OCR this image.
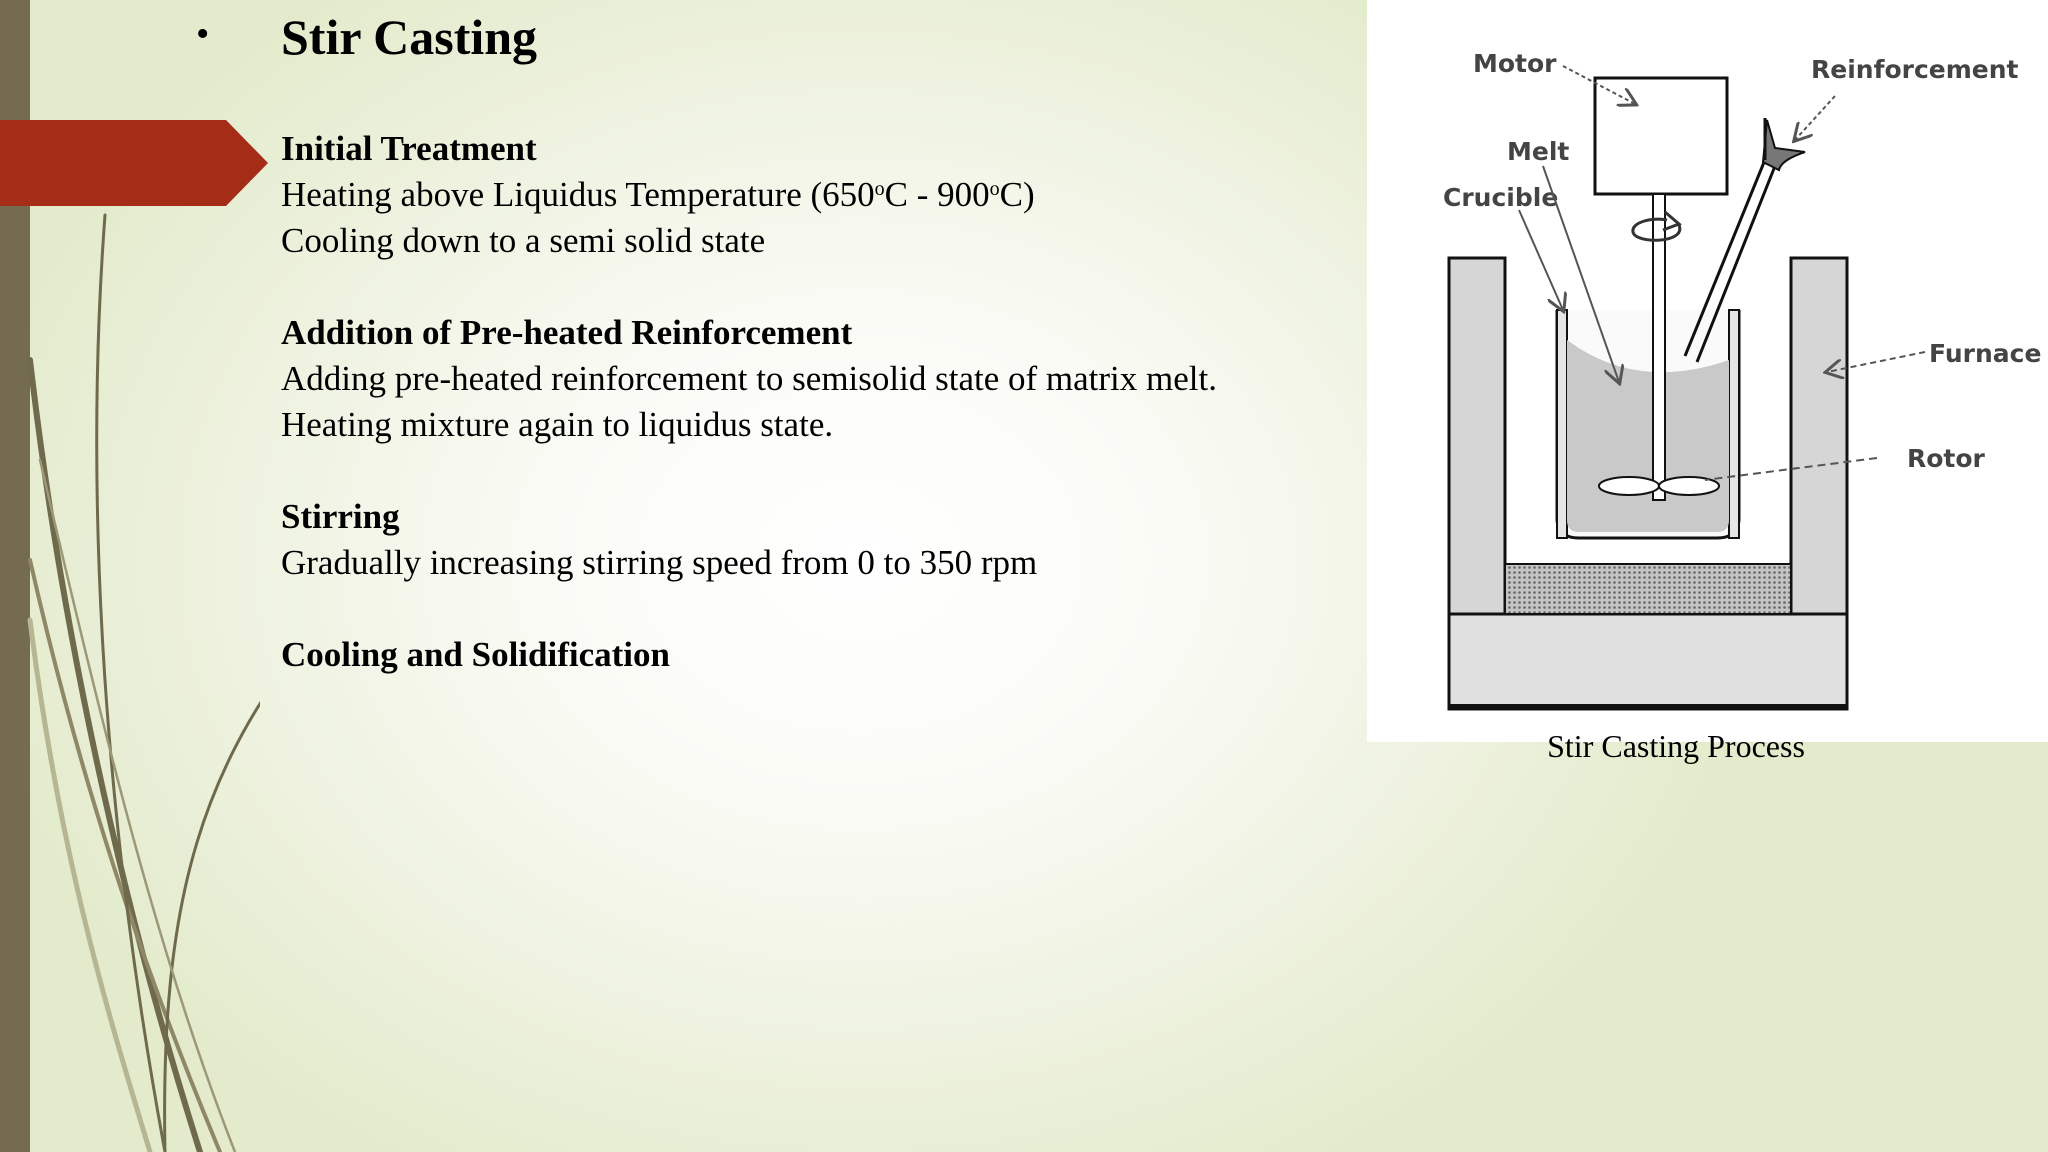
• Stir Casting
Initial Treatment
Heating above Liquidus Temperature (650$^o$C - 900$^o$C)
Cooling down to a semi solid state
Addition of Pre-heated Reinforcement
Adding pre-heated reinforcement to semisolid state of matrix melt.
Heating mixture again to liquidus state.
Stirring
Gradually increasing stirring speed from 0 to 350 rpm
Cooling and Solidification
Motor	Reinforcement
Melt
Crucible
Furnace
Rotor
Stir Casting Process
